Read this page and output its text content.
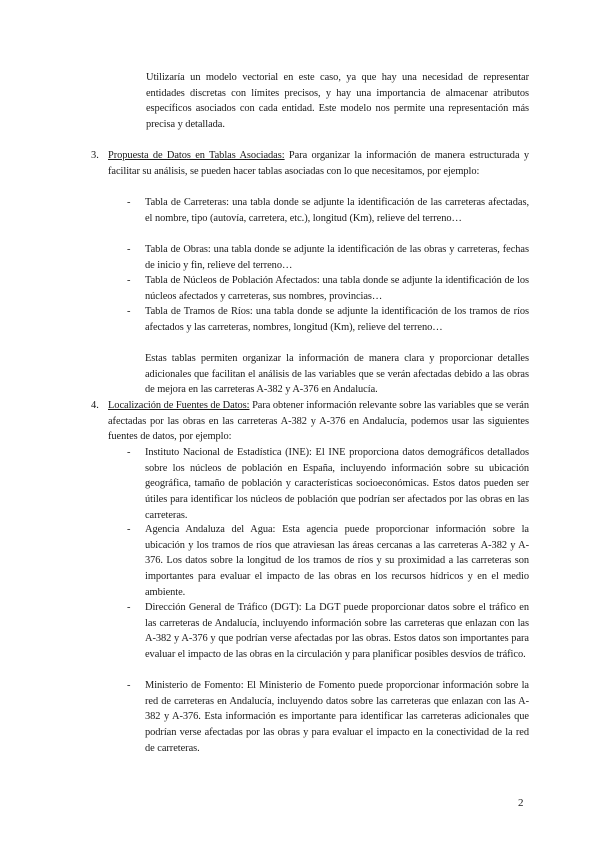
Utilizaría un modelo vectorial en este caso, ya que hay una necesidad de representar entidades discretas con límites precisos, y hay una importancia de almacenar atributos específicos asociados con cada entidad. Este modelo nos permite una representación más precisa y detallada.

3. Propuesta de Datos en Tablas Asociadas: Para organizar la información de manera estructurada y facilitar su análisis, se pueden hacer tablas asociadas con lo que necesitamos, por ejemplo:

- Tabla de Carreteras: una tabla donde se adjunte la identificación de las carreteras afectadas, el nombre, tipo (autovía, carretera, etc.), longitud (Km), relieve del terreno…

- Tabla de Obras: una tabla donde se adjunte la identificación de las obras y carreteras, fechas de inicio y fin, relieve del terreno…

- Tabla de Núcleos de Población Afectados: una tabla donde se adjunte la identificación de los núcleos afectados y carreteras, sus nombres, provincias…

- Tabla de Tramos de Ríos: una tabla donde se adjunte la identificación de los tramos de ríos afectados y las carreteras, nombres, longitud (Km), relieve del terreno…

Estas tablas permiten organizar la información de manera clara y proporcionar detalles adicionales que facilitan el análisis de las variables que se verán afectadas debido a las obras de mejora en las carreteras A-382 y A-376 en Andalucía.

4. Localización de Fuentes de Datos: Para obtener información relevante sobre las variables que se verán afectadas por las obras en las carreteras A-382 y A-376 en Andalucía, podemos usar las siguientes fuentes de datos, por ejemplo:

- Instituto Nacional de Estadística (INE): El INE proporciona datos demográficos detallados sobre los núcleos de población en España, incluyendo información sobre su ubicación geográfica, tamaño de población y características socioeconómicas. Estos datos pueden ser útiles para identificar los núcleos de población que podrían ser afectados por las obras en las carreteras.

- Agencia Andaluza del Agua: Esta agencia puede proporcionar información sobre la ubicación y los tramos de ríos que atraviesan las áreas cercanas a las carreteras A-382 y A-376. Los datos sobre la longitud de los tramos de ríos y su proximidad a las carreteras son importantes para evaluar el impacto de las obras en los recursos hídricos y en el medio ambiente.

- Dirección General de Tráfico (DGT): La DGT puede proporcionar datos sobre el tráfico en las carreteras de Andalucía, incluyendo información sobre las carreteras que enlazan con las A-382 y A-376 y que podrían verse afectadas por las obras. Estos datos son importantes para evaluar el impacto de las obras en la circulación y para planificar posibles desvíos de tráfico.

- Ministerio de Fomento: El Ministerio de Fomento puede proporcionar información sobre la red de carreteras en Andalucía, incluyendo datos sobre las carreteras que enlazan con las A-382 y A-376. Esta información es importante para identificar las carreteras adicionales que podrían verse afectadas por las obras y para evaluar el impacto en la conectividad de la red de carreteras.

2
